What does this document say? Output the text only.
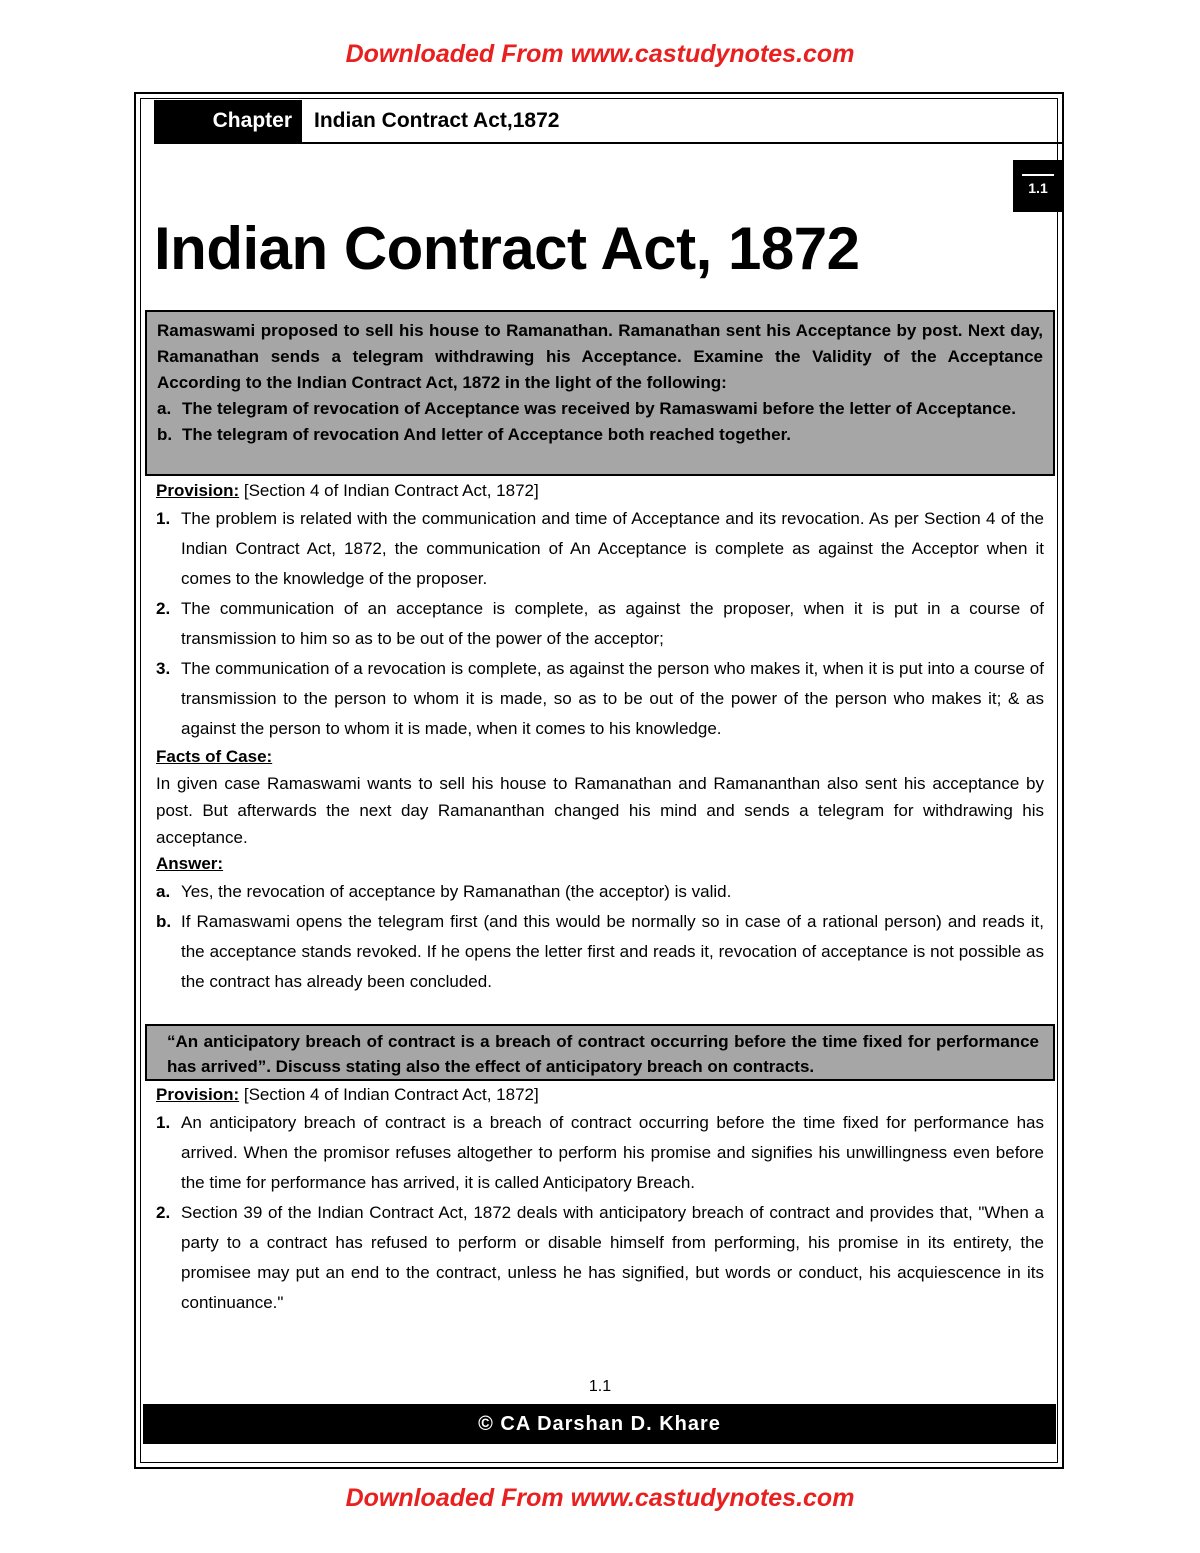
Downloaded From www.castudynotes.com
Chapter	Indian Contract Act,1872
1.1
Indian Contract Act, 1872

Ramaswami proposed to sell his house to Ramanathan. Ramanathan sent his Acceptance by post. Next day, Ramanathan sends a telegram withdrawing his Acceptance. Examine the Validity of the Acceptance According to the Indian Contract Act, 1872 in the light of the following:

a. The telegram of revocation of Acceptance was received by Ramaswami before the letter of Acceptance.
b. The telegram of revocation And letter of Acceptance both reached together.
Provision: [Section 4 of Indian Contract Act, 1872]
1. The problem is related with the communication and time of Acceptance and its revocation. As per Section 4 of the Indian Contract Act, 1872, the communication of An Acceptance is complete as against the Acceptor when it comes to the knowledge of the proposer.
2. The communication of an acceptance is complete, as against the proposer, when it is put in a course of transmission to him so as to be out of the power of the acceptor;
3. The communication of a revocation is complete, as against the person who makes it, when it is put into a course of transmission to the person to whom it is made, so as to be out of the power of the person who makes it; & as against the person to whom it is made, when it comes to his knowledge.
Facts of Case:

In given case Ramaswami wants to sell his house to Ramanathan and Ramananthan also sent his acceptance by post. But afterwards the next day Ramananthan changed his mind and sends a telegram for withdrawing his acceptance.

Answer:
a. Yes, the revocation of acceptance by Ramanathan (the acceptor) is valid.
b. If Ramaswami opens the telegram first (and this would be normally so in case of a rational person) and reads it, the acceptance stands revoked. If he opens the letter first and reads it, revocation of acceptance is not possible as the contract has already been concluded.

“An anticipatory breach of contract is a breach of contract occurring before the time fixed for performance has arrived”. Discuss stating also the effect of anticipatory breach on contracts.

Provision: [Section 4 of Indian Contract Act, 1872]
1. An anticipatory breach of contract is a breach of contract occurring before the time fixed for performance has arrived. When the promisor refuses altogether to perform his promise and signifies his unwillingness even before the time for performance has arrived, it is called Anticipatory Breach.
2. Section 39 of the Indian Contract Act, 1872 deals with anticipatory breach of contract and provides that, "When a party to a contract has refused to perform or disable himself from performing, his promise in its entirety, the promisee may put an end to the contract, unless he has signified, but words or conduct, his acquiescence in its continuance."
1.1
© CA Darshan D. Khare
Downloaded From www.castudynotes.com
